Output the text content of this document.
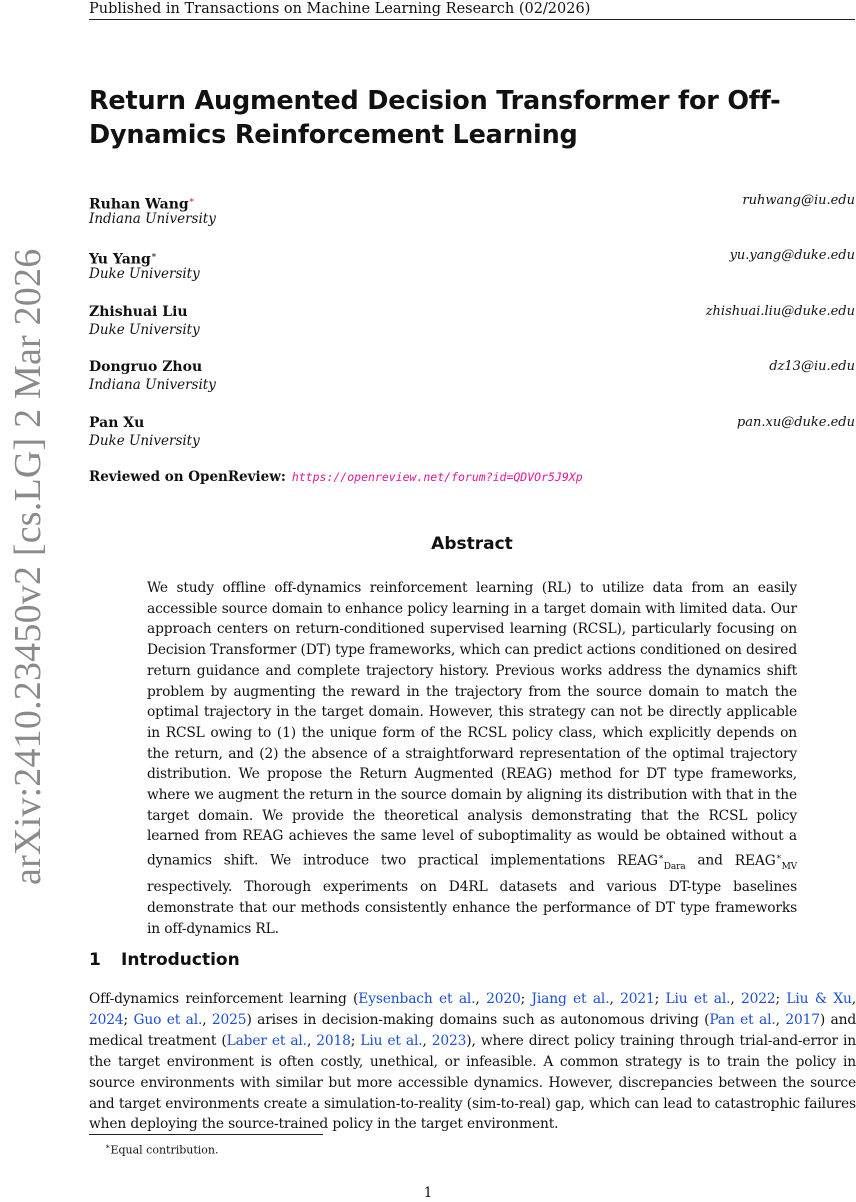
Published in Transactions on Machine Learning Research (02/2026)
arXiv:2410.23450v2 [cs.LG] 2 Mar 2026
Return Augmented Decision Transformer for Off-Dynamics Reinforcement Learning
Ruhan Wang∗
Indiana University
ruhwang@iu.edu
Yu Yang∗
Duke University
yu.yang@duke.edu
Zhishuai Liu
Duke University
zhishuai.liu@duke.edu
Dongruo Zhou
Indiana University
dz13@iu.edu
Pan Xu
Duke University
pan.xu@duke.edu
Reviewed on OpenReview: https://openreview.net/forum?id=QDVOr5J9Xp
Abstract
We study offline off-dynamics reinforcement learning (RL) to utilize data from an easily accessible source domain to enhance policy learning in a target domain with limited data. Our approach centers on return-conditioned supervised learning (RCSL), particularly focusing on Decision Transformer (DT) type frameworks, which can predict actions conditioned on desired return guidance and complete trajectory history. Previous works address the dynamics shift problem by augmenting the reward in the trajectory from the source domain to match the optimal trajectory in the target domain. However, this strategy can not be directly applicable in RCSL owing to (1) the unique form of the RCSL policy class, which explicitly depends on the return, and (2) the absence of a straightforward representation of the optimal trajectory distribution. We propose the Return Augmented (REAG) method for DT type frameworks, where we augment the return in the source domain by aligning its distribution with that in the target domain. We provide the theoretical analysis demonstrating that the RCSL policy learned from REAG achieves the same level of suboptimality as would be obtained without a dynamics shift. We introduce two practical implementations $REAG^∗_{Dara}$ and $REAG^∗_{MV}$ respectively. Thorough experiments on D4RL datasets and various DT-type baselines demonstrate that our methods consistently enhance the performance of DT type frameworks in off-dynamics RL.
1 Introduction
Off-dynamics reinforcement learning (Eysenbach et al., 2020; Jiang et al., 2021; Liu et al., 2022; Liu & Xu, 2024; Guo et al., 2025) arises in decision-making domains such as autonomous driving (Pan et al., 2017) and medical treatment (Laber et al., 2018; Liu et al., 2023), where direct policy training through trial-and-error in the target environment is often costly, unethical, or infeasible. A common strategy is to train the policy in source environments with similar but more accessible dynamics. However, discrepancies between the source and target environments create a simulation-to-reality (sim-to-real) gap, which can lead to catastrophic failures when deploying the source-trained policy in the target environment.
∗Equal contribution.
1
